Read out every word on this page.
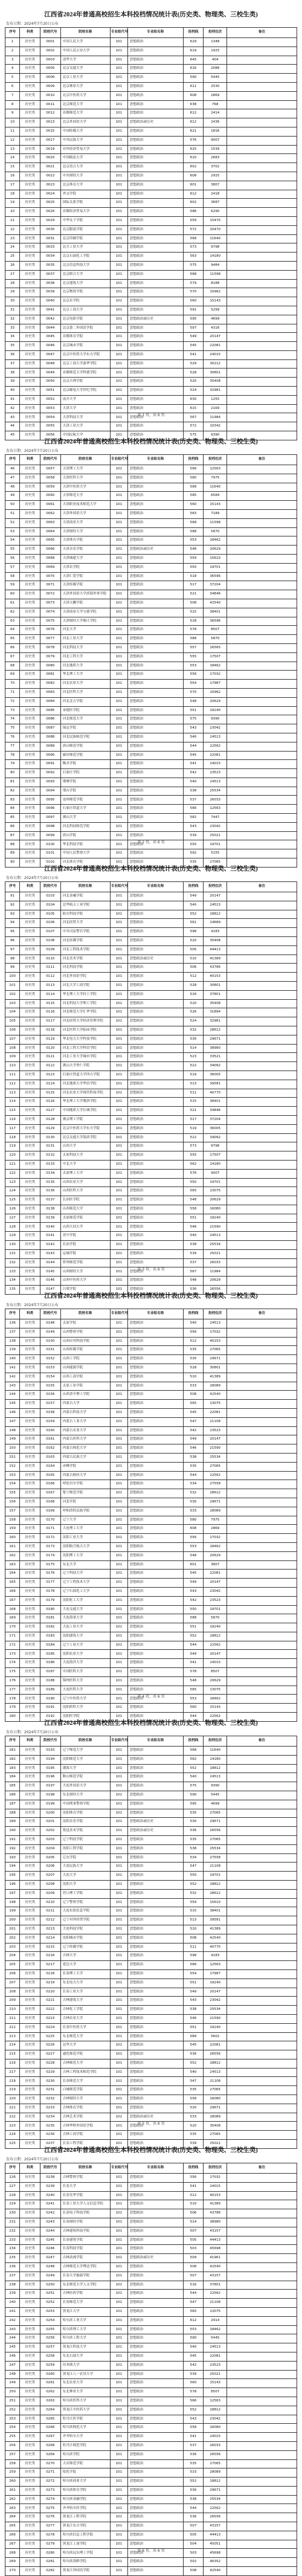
江西省2024年普通高校招生本科投档情况统计表(历史类、物理类、三校生类)
发布日期：2024年7月20日公布
序号	科类	院校代号	院校名称	专业组代号	专业组名称	投档线	投档位次	备注
1	历史类	0001	中国人民大学	101	思想政治	629	1348	
2	历史类	0002	中国人民公安大学	101	思想政治	619	1925	
3	历史类	0003	清华大学	101	思想政治	645	404	
4	历史类	0005	北京交通大学	101	思想政治	616	2088	
5	历史类	0006	北京工业大学	101	思想政治	590	5445	
6	历史类	0009	北京林业大学	101	思想政治	611	2530	
7	历史类	0010	北京中医药大学	101	思想政治	608	2869	
8	历史类	0011	北京师范大学	101	思想政治	638	768	
9	历史类	0012	首都师范大学	101	思想政治	612	2414	
10	历史类	0013	北京外国语大学	101	思想政治或历史	612	2436	
11	历史类	0015	中国传媒大学	101	思想政治	621	1816	
12	历史类	0017	中央民族大学	101	思想政治	576	9007	
13	历史类	0019	对外经济贸易大学	101	思想政治	625	1539	
14	历史类	0020	中国政法大学	101	思想政治	610	2683	
15	历史类	0021	北京语言大学	101	思想政治	602	3702	
16	历史类	0022	中央财经大学	101	思想政治	608	2925	
17	历史类	0023	北京体育大学	101	思想政治	601	3807	
18	历史类	0024	外交学院	101	思想政治	612	2418	
19	历史类	0025	国际关系学院	101	思想政治	602	3687	
20	历史类	0026	首都经济贸易大学	101	思想政治	586	6290	
21	历史类	0029	中华女子学院	101	思想政治	559	15470	
22	历史类	0030	北京服装学院	101	思想政治	572	10470	
23	历史类	0031	北京印刷学院	101	思想政治	568	11640	
24	历史类	0033	北方工业大学	101	思想政治	573	9798	
25	历史类	0034	北京石油化工学院	101	思想政治	563	14180	
26	历史类	0035	北京信息科技大学	101	思想政治	575	9484	
27	历史类	0037	北京联合大学	101	思想政治	568	11598	
28	历史类	0038	北京建筑大学	101	思想政治	579	8188	
29	历史类	0039	北京物资学院	101	思想政治	570	10962	
30	历史类	0040	北京农学院	101	思想政治	560	15143	
31	历史类	0041	北京工商大学	101	思想政治	591	5299	
32	历史类	0042	北京电影学院	101	思想政治或历史	595	4699	
33	历史类	0044	北京第二外国语学院	101	思想政治	597	4316	
34	历史类	0045	首都体育学院	101	思想政治	549	20147	
35	历史类	0046	北京城市学院	101	思想政治	545	22081	
36	历史类	0047	北京中医药大学东方学院	101	思想政治	541	24015	
37	历史类	0048	北京工商大学嘉华学院	101	思想政治	529	30212	
38	历史类	0049	首都师范大学科德学院	101	思想政治	528	30801	
39	历史类	0050	北京吉利学院	101	思想政治	520	35408	
40	历史类	0051	北京邮电大学世纪学院	101	思想政治	524	32981	
41	历史类	0052	南开大学	101	思想政治	630	1255	
42	历史类	0053	天津大学	101	思想政治	615	2169	
43	历史类	0054	天津科技大学	101	思想政治	567	11984	
44	历史类	0055	天津工业大学	101	思想政治	572	10342	
45	历史类	0056	中国民航大学	101	思想政治	575	9390	
第 1 页，共 6 页
江西省2024年普通高校招生本科投档情况统计表(历史类、物理类、三校生类)
发布日期：2024年7月20日公布
序号	科类	院校代号	院校名称	专业组代号	专业组名称	投档线	投档位次	备注
46	历史类	0057	天津理工大学	101	思想政治	566	12563	
47	历史类	0058	天津医科大学	101	思想政治	580	7975	
48	历史类	0059	天津中医药大学	101	思想政治	568	11640	
49	历史类	0060	天津师范大学	101	思想政治	585	6584	
50	历史类	0061	天津职业技术师范大学	101	思想政治	560	15143	
51	历史类	0062	天津外国语大学	101	思想政治	583	7189	
52	历史类	0063	天津商业大学	101	思想政治	568	11598	
53	历史类	0064	天津财经大学	101	思想政治	588	5870	
54	历史类	0065	天津体育学院	101	思想政治	553	18462	
55	历史类	0066	天津音乐学院	101	思想政治或历史	548	20629	
56	历史类	0068	天津城建大学	101	思想政治	559	15610	
57	历史类	0069	天津农学院	101	思想政治	550	19701	
58	历史类	0070	天津仁爱学院	101	思想政治	518	36596	
59	历史类	0071	天津传媒学院	101	思想政治	517	37204	
60	历史类	0072	天津外国语大学滨海外事学院	101	思想政治	521	34846	
61	历史类	0073	天津天狮学院	101	思想政治	508	42540	
62	历史类	0074	天津商业大学宝德学院	101	思想政治	515	38401	
63	历史类	0075	天津财经大学珠江学院	101	思想政治	518	36596	
64	历史类	0076	河北大学	101	思想政治	578	8507	
65	历史类	0077	河北工业大学	101	思想政治	588	5870	
66	历史类	0078	河北科技大学	101	思想政治	557	16565	
67	历史类	0079	河北工程大学	101	思想政治	555	17507	
68	历史类	0080	河北地质大学	101	思想政治	553	18462	
69	历史类	0081	华北理工大学	101	思想政治	556	17032	
70	历史类	0082	河北农业大学	101	思想政治	554	17987	
71	历史类	0083	河北医科大学	101	思想政治	570	10962	
72	历史类	0084	河北北方学院	101	思想政治	548	20629	
73	历史类	0085	承德医学院	101	思想政治	551	19240	
74	历史类	0086	河北师范大学	101	思想政治	575	9390	
75	历史类	0087	保定学院	101	思想政治	543	23042	
76	历史类	0088	河北民族师范学院	101	思想政治	540	24513	
77	历史类	0089	唐山师范学院	101	思想政治	544	22562	
78	历史类	0090	廊坊师范学院	101	思想政治	545	22081	
79	历史类	0091	衡水学院	101	思想政治	541	24015	
80	历史类	0092	石家庄学院	101	思想政治	542	23523	
81	历史类	0093	邯郸学院	101	思想政治	540	24513	
82	历史类	0094	邢台学院	101	思想政治	538	25534	
83	历史类	0095	沧州师范学院	101	思想政治	537	26033	
84	历史类	0096	石家庄铁道大学	101	思想政治	566	12563	
85	历史类	0097	燕山大学	101	思想政治	582	7447	
86	历史类	0098	河北科技师范学院	101	思想政治	543	23042	
87	历史类	0099	唐山学院	101	思想政治	539	25021	
88	历史类	0100	华北科技学院	101	思想政治	550	19701	
89	历史类	0101	中国人民警察大学	101	思想政治	592	5155	
90	历史类	0102	河北体育学院	101	思想政治	535	27065	
第 2 页，共 6 页
江西省2024年普通高校招生本科投档情况统计表(历史类、物理类、三校生类)
发布日期：2024年7月20日公布
序号	科类	院校代号	院校名称	专业组代号	专业组名称	投档线	投档位次	备注
91	历史类	0103	河北金融学院	101	思想政治	549	20147	
92	历史类	0104	北华航天工业学院	101	思想政治	540	24513	
93	历史类	0105	防灾科技学院	101	思想政治	552	18812	
94	历史类	0106	河北经贸大学	101	思想政治	561	14689	
95	历史类	0107	中央司法警官学院	101	思想政治	598	4183	
96	历史类	0108	河北传媒学院	101	思想政治	520	35408	
97	历史类	0109	河北工程技术学院	101	思想政治	505	44413	
98	历史类	0110	河北美术学院	101	思想政治或历史	510	41389	
99	历史类	0111	河北科技学院	101	思想政治	506	43786	
100	历史类	0112	河北外国语学院	101	思想政治	512	40153	
101	历史类	0113	河北大学工商学院	101	思想政治	528	30801	
102	历史类	0114	华北理工大学轻工学院	101	思想政治	516	37801	
103	历史类	0115	河北科技大学理工学院	101	思想政治	520	35408	
104	历史类	0116	河北师范大学汇华学院	101	思想政治	526	31894	
105	历史类	0117	河北经贸大学经济管理学院	101	思想政治	524	32981	
106	历史类	0118	河北医科大学临床学院	101	思想政治	532	28612	
107	历史类	0119	华北电力大学科技学院	101	思想政治	530	29671	
108	历史类	0120	河北工程大学科信学院	101	思想政治	514	38980	
109	历史类	0121	河北工业大学城市学院	101	思想政治	523	33521	
110	历史类	0122	燕山大学里仁学院	101	思想政治	522	34092	
111	历史类	0123	石家庄铁道大学四方学院	101	思想政治	519	36005	
112	历史类	0124	河北地质大学华信学院	101	思想政治	513	39581	
113	历史类	0125	河北农业大学现代科技学院	101	思想政治	511	40770	
114	历史类	0126	华北理工大学冀唐学院	101	思想政治	515	38401	
115	历史类	0127	中国地质大学长城学院	101	思想政治	521	34846	
116	历史类	0128	燕京理工学院	101	思想政治	517	37204	
117	历史类	0129	北京中医药大学东方学院	101	思想政治	519	36005	
118	历史类	0130	北京交通大学海滨学院	101	思想政治	522	34092	
119	历史类	0131	山西大学	101	思想政治	573	9798	
120	历史类	0132	太原科技大学	101	思想政治	555	17507	
121	历史类	0133	中北大学	101	思想政治	562	14180	
122	历史类	0134	太原理工大学	101	思想政治	576	9007	
123	历史类	0135	山西农业大学	101	思想政治	550	19701	
124	历史类	0136	山西医科大学	101	思想政治	565	13075	
125	历史类	0137	长治医学院	101	思想政治	548	20629	
126	历史类	0138	山西师范大学	101	思想政治	558	16080	
127	历史类	0139	太原师范学院	101	思想政治	551	19240	
128	历史类	0140	山西大同大学	101	思想政治	546	21590	
129	历史类	0141	晋中学院	101	思想政治	540	24513	
130	历史类	0142	长治学院	101	思想政治	538	25534	
131	历史类	0143	运城学院	101	思想政治	539	25021	
132	历史类	0144	忻州师范学院	101	思想政治	537	26033	
133	历史类	0145	山西财经大学	101	思想政治	567	11984	
134	历史类	0146	山西中医药大学	101	思想政治	548	20629	
135	历史类	0147	吕梁学院	101	思想政治	536	26556	
第 3 页，共 6 页
江西省2024年普通高校招生本科投档情况统计表(历史类、物理类、三校生类)
发布日期：2024年7月20日公布
序号	科类	院校代号	院校名称	专业组代号	专业组名称	投档线	投档位次	备注
136	历史类	0148	太原学院	101	思想政治	540	24513	
137	历史类	0149	山西警察学院	101	思想政治	556	17032	
138	历史类	0150	山西应用科技学院	101	思想政治	512	40153	
139	历史类	0151	山西传媒学院	101	思想政治	535	27065	
140	历史类	0152	山西工学院	101	思想政治	530	29671	
141	历史类	0153	山西能源学院	101	思想政治	528	30801	
142	历史类	0154	山西工商学院	101	思想政治	510	41389	
143	历史类	0155	太原工业学院	101	思想政治	533	28089	
144	历史类	0156	山西晋中理工学院	101	思想政治	508	42540	
145	历史类	0157	内蒙古大学	101	思想政治	565	13075	
146	历史类	0158	内蒙古科技大学	101	思想政治	545	22081	
147	历史类	0159	内蒙古工业大学	101	思想政治	547	21108	
148	历史类	0160	内蒙古农业大学	101	思想政治	542	23523	
149	历史类	0161	内蒙古医科大学	101	思想政治	549	20147	
150	历史类	0162	内蒙古师范大学	101	思想政治	546	21590	
151	历史类	0163	内蒙古民族大学	101	思想政治	538	25534	
152	历史类	0164	赤峰学院	101	思想政治	535	27065	
153	历史类	0165	内蒙古财经大学	101	思想政治	544	22562	
154	历史类	0166	呼伦贝尔学院	101	思想政治	534	27558	
155	历史类	0167	集宁师范学院	101	思想政治	532	28612	
156	历史类	0168	河套学院	101	思想政治	530	29671	
157	历史类	0169	呼和浩特民族学院	101	思想政治	533	28089	
158	历史类	0170	辽宁大学	101	思想政治	580	7975	
159	历史类	0171	大连理工大学	101	思想政治	608	2869	
160	历史类	0172	沈阳工业大学	101	思想政治	556	17032	
161	历史类	0173	沈阳航空航天大学	101	思想政治	553	18462	
162	历史类	0174	沈阳理工大学	101	思想政治	548	20629	
163	历史类	0175	东北大学	101	思想政治	601	3807	
164	历史类	0176	辽宁科技大学	101	思想政治	545	22081	
165	历史类	0177	辽宁工程技术大学	101	思想政治	549	20147	
166	历史类	0178	辽宁石油化工大学	101	思想政治	543	23042	
167	历史类	0179	沈阳化工大学	101	思想政治	542	23523	
168	历史类	0180	大连交通大学	101	思想政治	550	19701	
169	历史类	0181	大连海事大学	101	思想政治	588	5870	
170	历史类	0182	大连工业大学	101	思想政治	551	19240	
171	历史类	0183	沈阳建筑大学	101	思想政治	552	18812	
172	历史类	0184	辽宁工业大学	101	思想政治	544	22562	
173	历史类	0185	沈阳农业大学	101	思想政治	549	20147	
174	历史类	0186	大连海洋大学	101	思想政治	541	24015	
175	历史类	0187	中国医科大学	101	思想政治	578	8507	
176	历史类	0188	锦州医科大学	101	思想政治	548	20629	
177	历史类	0189	大连医科大学	101	思想政治	565	13075	
178	历史类	0190	辽宁中医药大学	101	思想政治	553	18462	
179	历史类	0191	沈阳药科大学	101	思想政治	560	15143	
180	历史类	0192	沈阳医学院	101	思想政治	544	22562	
第 4 页，共 6 页
江西省2024年普通高校招生本科投档情况统计表(历史类、物理类、三校生类)
发布日期：2024年7月20日公布
序号	科类	院校代号	院校名称	专业组代号	专业组名称	投档线	投档位次	备注
181	历史类	0193	辽宁师范大学	101	思想政治	568	11640	
182	历史类	0194	沈阳师范大学	101	思想政治	562	14180	
183	历史类	0195	渤海大学	101	思想政治	552	18812	
184	历史类	0196	鞍山师范学院	101	思想政治	540	24513	
185	历史类	0197	大连外国语大学	101	思想政治	575	9390	
186	历史类	0198	东北财经大学	101	思想政治	590	5445	
187	历史类	0199	中国刑事警察学院	101	思想政治	595	4699	
188	历史类	0200	沈阳体育学院	101	思想政治	535	27065	
189	历史类	0201	沈阳音乐学院	101	思想政治或历史	530	29671	
190	历史类	0202	鲁迅美术学院	101	思想政治或历史	536	26556	
191	历史类	0203	辽宁科技学院	101	思想政治	535	27065	
192	历史类	0204	沈阳工程学院	101	思想政治	538	25534	
193	历史类	0205	辽东学院	101	思想政治	534	27558	
194	历史类	0206	大连民族大学	101	思想政治	547	21108	
195	历史类	0207	大连大学	101	思想政治	550	19701	
196	历史类	0208	沈阳大学	101	思想政治	552	18812	
197	历史类	0209	营口理工学院	101	思想政治	532	28612	
198	历史类	0210	辽宁警察学院	101	思想政治	559	15610	
199	历史类	0211	大连东软信息学院	101	思想政治	515	38401	
200	历史类	0212	辽宁对外经贸学院	101	思想政治	513	39581	
201	历史类	0213	大连科技学院	101	思想政治	510	41389	
202	历史类	0214	沈阳城市学院	101	思想政治	508	42540	
203	历史类	0215	辽宁传媒学院	101	思想政治	511	40770	
204	历史类	0216	吉林大学	101	思想政治	598	4183	
205	历史类	0217	延边大学	101	思想政治	566	12563	
206	历史类	0218	长春理工大学	101	思想政治	554	17987	
207	历史类	0219	东北电力大学	101	思想政治	551	19240	
208	历史类	0220	长春工业大学	101	思想政治	549	20147	
209	历史类	0221	吉林建筑大学	101	思想政治	543	23042	
210	历史类	0222	吉林化工学院	101	思想政治	538	25534	
211	历史类	0223	吉林农业大学	101	思想政治	546	21590	
212	历史类	0224	长春中医药大学	101	思想政治	551	19240	
213	历史类	0225	东北师范大学	101	思想政治	589	5602	
214	历史类	0226	北华大学	101	思想政治	545	22081	
215	历史类	0227	通化师范学院	101	思想政治	536	26556	
216	历史类	0228	吉林师范大学	101	思想政治	552	18812	
217	历史类	0229	吉林工程技术师范学院	101	思想政治	540	24513	
218	历史类	0230	长春师范大学	101	思想政治	547	21108	
219	历史类	0231	白城师范学院	101	思想政治	535	27065	
220	历史类	0232	吉林财经大学	101	思想政治	558	16080	
221	历史类	0233	吉林体育学院	101	思想政治	530	29671	
222	历史类	0234	吉林艺术学院	101	思想政治或历史	533	28089	
223	历史类	0235	吉林华桥外国语学院	101	思想政治	520	35408	
224	历史类	0236	吉林工商学院	101	思想政治	535	27065	
225	历史类	0237	长春工程学院	101	思想政治	539	25021	
第 5 页，共 6 页
江西省2024年普通高校招生本科投档情况统计表(历史类、物理类、三校生类)
发布日期：2024年7月20日公布
序号	科类	院校代号	院校名称	专业组代号	专业组名称	投档线	投档位次	备注
226	历史类	0238	吉林警察学院	101	思想政治	556	17032	
227	历史类	0239	长春大学	101	思想政治	541	24015	
228	历史类	0240	长春光华学院	101	思想政治	512	40153	
229	历史类	0241	长春工业大学人文信息学院	101	思想政治	510	41389	
230	历史类	0242	长春电子科技学院	101	思想政治	506	43786	
231	历史类	0243	长春财经学院	101	思想政治	514	38980	
232	历史类	0244	吉林建筑科技学院	101	思想政治	507	43157	
233	历史类	0245	长春建筑学院	101	思想政治	505	44413	
234	历史类	0246	长春科技学院	101	思想政治	503	45698	
235	历史类	0247	吉林动画学院	101	思想政治或历史	509	41961	
236	历史类	0248	吉林师范大学博达学院	101	思想政治	508	42540	
237	历史类	0249	长春大学旅游学院	101	思想政治	507	43157	
238	历史类	0250	东北师范大学人文学院	101	思想政治	516	37801	
239	历史类	0251	吉林医药学院	101	思想政治	544	22562	
240	历史类	0252	长春师范大学	101	思想政治	547	21108	
241	历史类	0253	黑龙江大学	101	思想政治	565	13075	
242	历史类	0254	哈尔滨工业大学	101	思想政治	612	2414	
243	历史类	0255	哈尔滨理工大学	101	思想政治	553	18462	
244	历史类	0256	哈尔滨工程大学	101	思想政治	590	5445	
245	历史类	0257	黑龙江科技大学	101	思想政治	540	24513	
246	历史类	0258	东北石油大学	101	思想政治	545	22081	
247	历史类	0259	佳木斯大学	101	思想政治	542	23523	
248	历史类	0260	黑龙江八一农垦大学	101	思想政治	539	25021	
249	历史类	0261	东北农业大学	101	思想政治	560	15143	
250	历史类	0262	东北林业大学	101	思想政治	578	8507	
251	历史类	0263	哈尔滨医科大学	101	思想政治	566	12563	
252	历史类	0264	黑龙江中医药大学	101	思想政治	552	18812	
253	历史类	0265	牡丹江医学院	101	思想政治	543	23042	
254	历史类	0266	哈尔滨师范大学	101	思想政治	558	16080	
255	历史类	0267	齐齐哈尔大学	101	思想政治	541	24015	
256	历史类	0268	牡丹江师范学院	101	思想政治	537	26033	
257	历史类	0269	哈尔滨学院	101	思想政治	536	26556	
258	历史类	0270	大庆师范学院	101	思想政治	535	27065	
259	历史类	0271	绥化学院	101	思想政治	533	28089	
260	历史类	0272	哈尔滨商业大学	101	思想政治	552	18812	
261	历史类	0273	哈尔滨体育学院	101	思想政治	530	29671	
262	历史类	0274	哈尔滨金融学院	101	思想政治	538	25534	
263	历史类	0275	齐齐哈尔医学院	101	思想政治	544	22562	
264	历史类	0276	黑龙江工程学院	101	思想政治	536	26556	
265	历史类	0277	黑龙江东方学院	101	思想政治	507	43157	
266	历史类	0278	哈尔滨信息工程学院	101	思想政治	505	44413	
267	历史类	0279	黑龙江工商学院	101	思想政治	504	45051	
268	历史类	0280	哈尔滨远东理工学院	101	思想政治	503	45698	
269	历史类	0281	哈尔滨剑桥学院	101	思想政治	502	46352	
270	历史类	0282	黑龙江外国语学院	101	思想政治	508	42540	
第 6 页，共 6 页
